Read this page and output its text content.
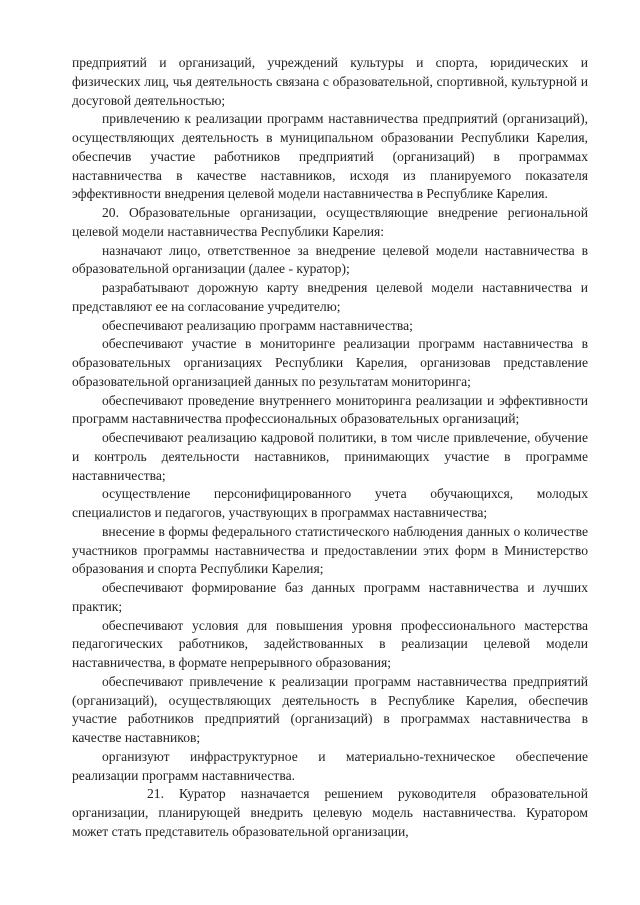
предприятий и организаций, учреждений культуры и спорта, юридических и физических лиц, чья деятельность связана с образовательной, спортивной, культурной и досуговой деятельностью;

привлечению к реализации программ наставничества предприятий (организаций), осуществляющих деятельность в муниципальном образовании Республики Карелия, обеспечив участие работников предприятий (организаций) в программах наставничества в качестве наставников, исходя из планируемого показателя эффективности внедрения целевой модели наставничества в Республике Карелия.

20. Образовательные организации, осуществляющие внедрение региональной целевой модели наставничества Республики Карелия:

назначают лицо, ответственное за внедрение целевой модели наставничества в образовательной организации (далее - куратор);

разрабатывают дорожную карту внедрения целевой модели наставничества и представляют ее на согласование учредителю;

обеспечивают реализацию программ наставничества;

обеспечивают участие в мониторинге реализации программ наставничества в образовательных организациях Республики Карелия, организовав представление образовательной организацией данных по результатам мониторинга;

обеспечивают проведение внутреннего мониторинга реализации и эффективности программ наставничества профессиональных образовательных организаций;

обеспечивают реализацию кадровой политики, в том числе привлечение, обучение и контроль деятельности наставников, принимающих участие в программе наставничества;

осуществление персонифицированного учета обучающихся, молодых специалистов и педагогов, участвующих в программах наставничества;

внесение в формы федерального статистического наблюдения данных о количестве участников программы наставничества и предоставлении этих форм в Министерство образования и спорта Республики Карелия;

обеспечивают формирование баз данных программ наставничества и лучших практик;

обеспечивают условия для повышения уровня профессионального мастерства педагогических работников, задействованных в реализации целевой модели наставничества, в формате непрерывного образования;

обеспечивают привлечение к реализации программ наставничества предприятий (организаций), осуществляющих деятельность в Республике Карелия, обеспечив участие работников предприятий (организаций) в программах наставничества в качестве наставников;

организуют инфраструктурное и материально-техническое обеспечение реализации программ наставничества.

21. Куратор назначается решением руководителя образовательной организации, планирующей внедрить целевую модель наставничества. Куратором может стать представитель образовательной организации,
